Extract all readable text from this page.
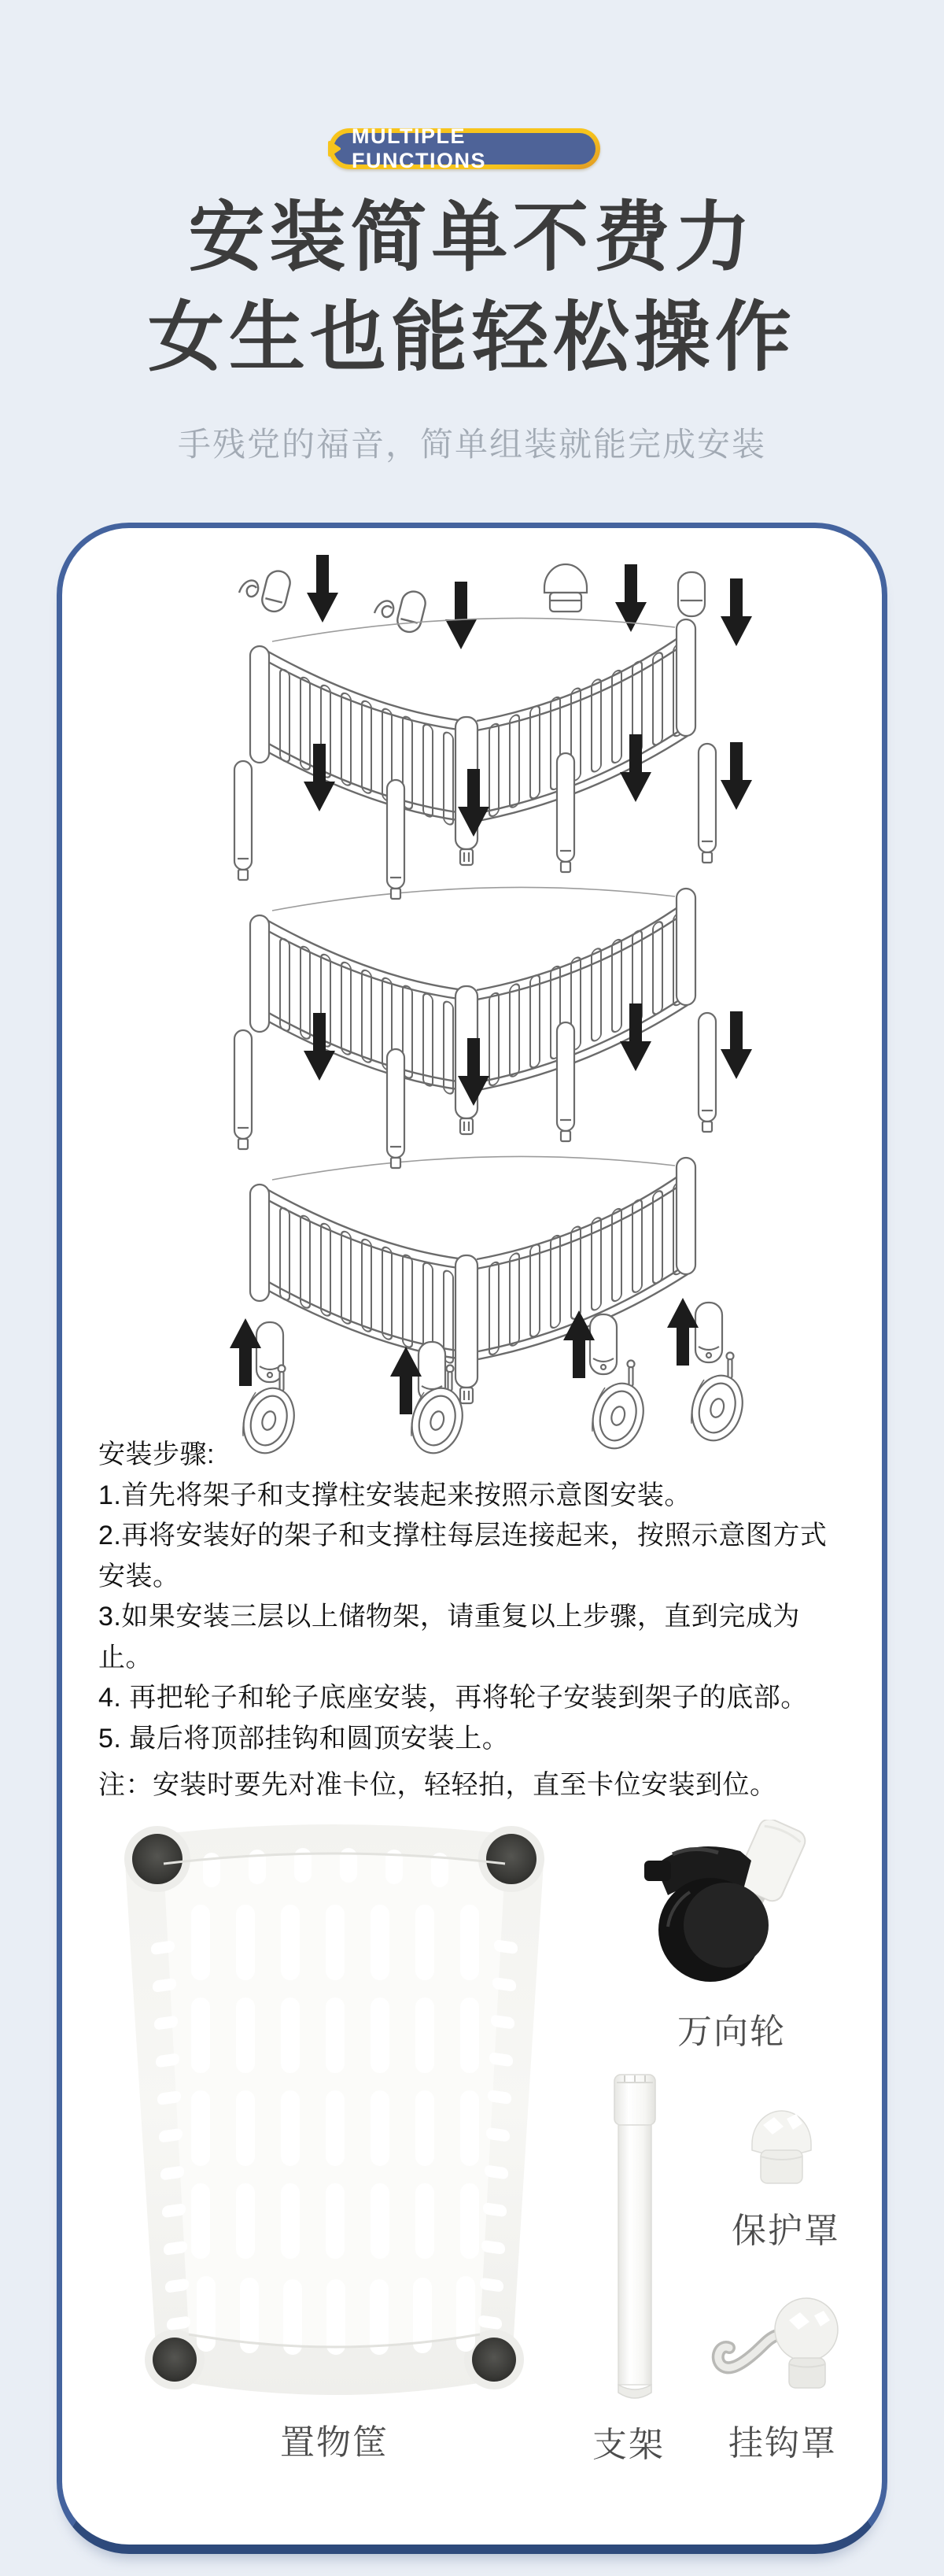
MULTIPLE FUNCTIONS
安装简单不费力
女生也能轻松操作
手残党的福音，简单组装就能完成安装
安装步骤:
1.首先将架子和支撑柱安装起来按照示意图安装。
2.再将安装好的架子和支撑柱每层连接起来，按照示意图方式安装。
3.如果安装三层以上储物架，请重复以上步骤，直到完成为止。
4. 再把轮子和轮子底座安装，再将轮子安装到架子的底部。
5. 最后将顶部挂钩和圆顶安装上。
注：安装时要先对准卡位，轻轻拍，直至卡位安装到位。
置物筐
万向轮
支架
保护罩
挂钩罩
